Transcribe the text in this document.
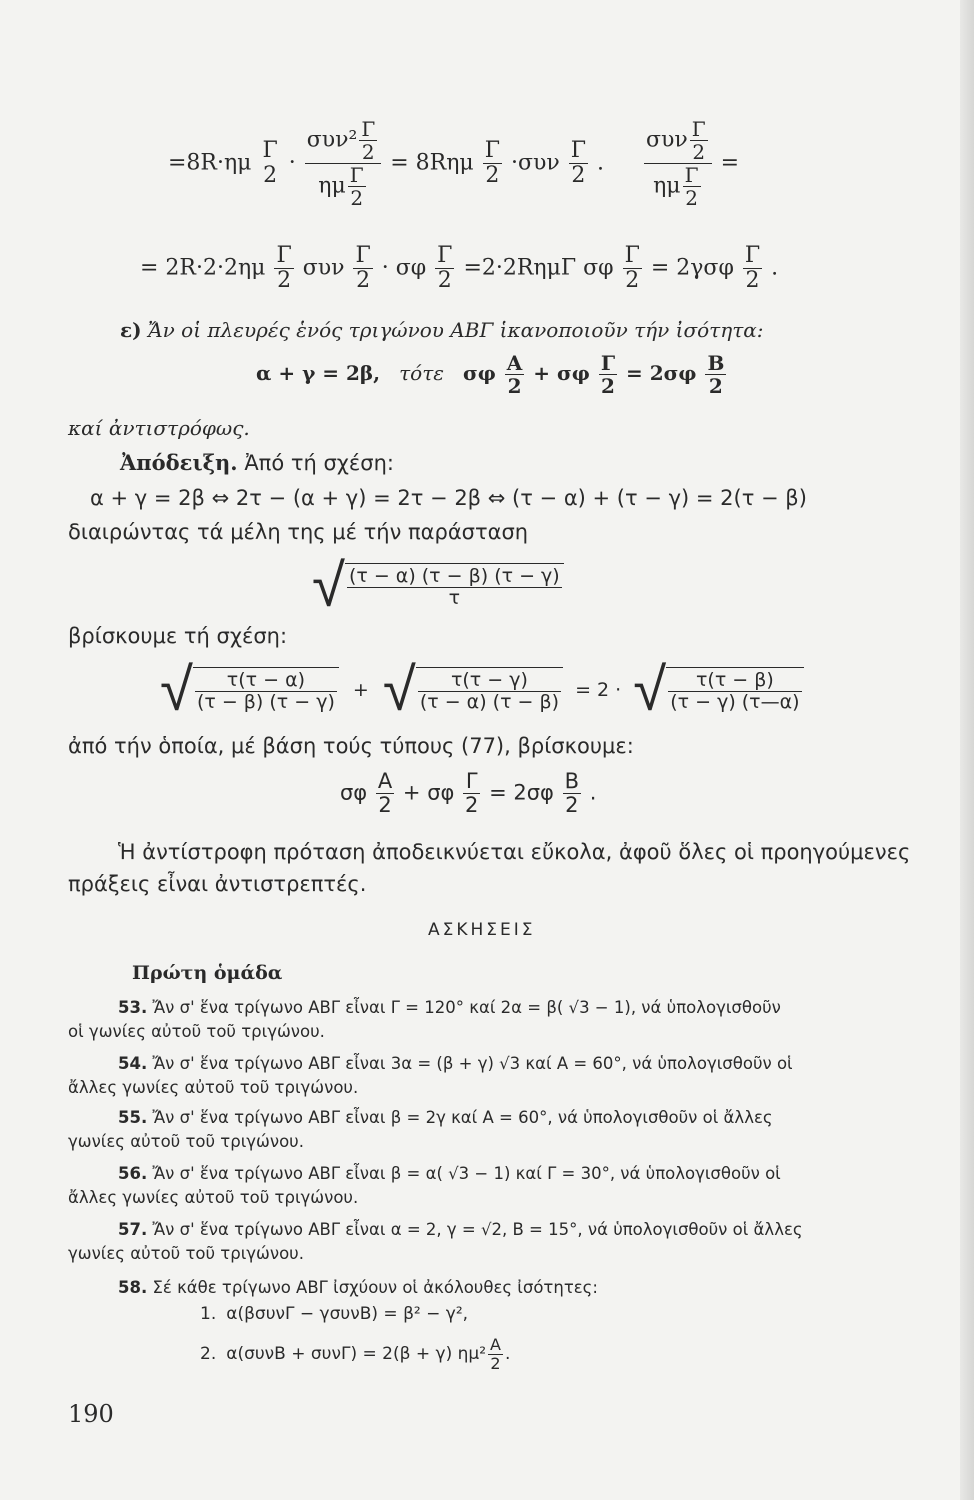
=8R·ημ Γ
$2 \cdot \frac{\sigma\upsilon\nu^2 \frac{\Gamma}{2}}{\eta\mu \frac{\Gamma}{2}} = 8R\eta\mu \frac{\Gamma}{2} \cdot\sigma\upsilon\nu \frac{\Gamma}{2}$ . $\frac{\sigma\upsilon\nu \frac{\Gamma}{2}}{\eta\mu \frac{\Gamma}{2}}$ =
= $2R\cdot 2\cdot 2\eta\mu \frac{\Gamma}{2}$ συν $\frac{\Gamma}{2} \cdot \sigma\varphi \frac{\Gamma}{2} =2\cdot 2R\eta\mu\Gamma$ σφ $\frac{\Gamma}{2} = 2\gamma\sigma\varphi \frac{\Gamma}{2}$ .
ε) Ἄν οἱ πλευρές ἑνός τριγώνου ΑΒΓ ἱκανοποιοῦν τήν ἰσότητα:
α + γ = 2β, τότε σφ $\frac{A}{2} + \sigma\varphi \frac{\Gamma}{2} = 2\sigma\varphi \frac{B}{2}$
καί ἀντιστρόφως.
Ἀπόδειξη. Ἀπό τή σχέση:
α + γ = 2β ⇔ 2τ − (α + γ) = 2τ − 2β ⇔ (τ − α) + (τ − γ) = 2(τ − β)
διαιρώντας τά μέλη της μέ τήν παράσταση
√ $\frac{(\tau - \alpha) (\tau - \beta) (\tau - \gamma)}{\tau}$
βρίσκουμε τή σχέση:
√ $\frac{\tau(\tau - \alpha)}{(\tau - \beta) (\tau - \gamma)}$ + √ $\frac{\tau(\tau - \gamma)}{(\tau - \alpha) (\tau - \beta)} = 2$ · √ $\frac{\tau(\tau - \beta)}{(\tau - \gamma) (\tau—\alpha)}$
ἀπό τήν ὁποία, μέ βάση τούς τύπους (77), βρίσκουμε:
σφ $\frac{A}{2} + \sigma\varphi \frac{\Gamma}{2} = 2\sigma\varphi \frac{B}{2}$ .
Ἡ ἀντίστροφη πρόταση ἀποδεικνύεται εὔκολα, ἀφοῦ ὅλες οἱ προηγούμενες
πράξεις εἶναι ἀντιστρεπτές.
ΑΣΚΗΣΕΙΣ
Πρώτη ὁμάδα
53. Ἄν σ' ἕνα τρίγωνο ΑΒΓ εἶναι Γ = 120° καί 2α = β( √3 − 1), νά ὑπολογισθοῦν
οἱ γωνίες αὐτοῦ τοῦ τριγώνου.
54. Ἄν σ' ἕνα τρίγωνο ΑΒΓ εἶναι 3α = (β + γ) √3 καί Α = 60°, νά ὑπολογισθοῦν οἱ
ἄλλες γωνίες αὐτοῦ τοῦ τριγώνου.
55. Ἄν σ' ἕνα τρίγωνο ΑΒΓ εἶναι β = 2γ καί Α = 60°, νά ὑπολογισθοῦν οἱ ἄλλες
γωνίες αὐτοῦ τοῦ τριγώνου.
56. Ἄν σ' ἕνα τρίγωνο ΑΒΓ εἶναι β = α( √3 − 1) καί Γ = 30°, νά ὑπολογισθοῦν οἱ
ἄλλες γωνίες αὐτοῦ τοῦ τριγώνου.
57. Ἄν σ' ἕνα τρίγωνο ΑΒΓ εἶναι α = 2, γ = √2, Β = 15°, νά ὑπολογισθοῦν οἱ ἄλλες
γωνίες αὐτοῦ τοῦ τριγώνου.
58. Σέ κάθε τρίγωνο ΑΒΓ ἰσχύουν οἱ ἀκόλουθες ἰσότητες:
1. α(βσυνΓ − γσυνΒ) = β² − γ²,
2. α(συνΒ + συνΓ) = 2(β + γ) $\eta\mu^2 \frac{A}{2}$ .
190
